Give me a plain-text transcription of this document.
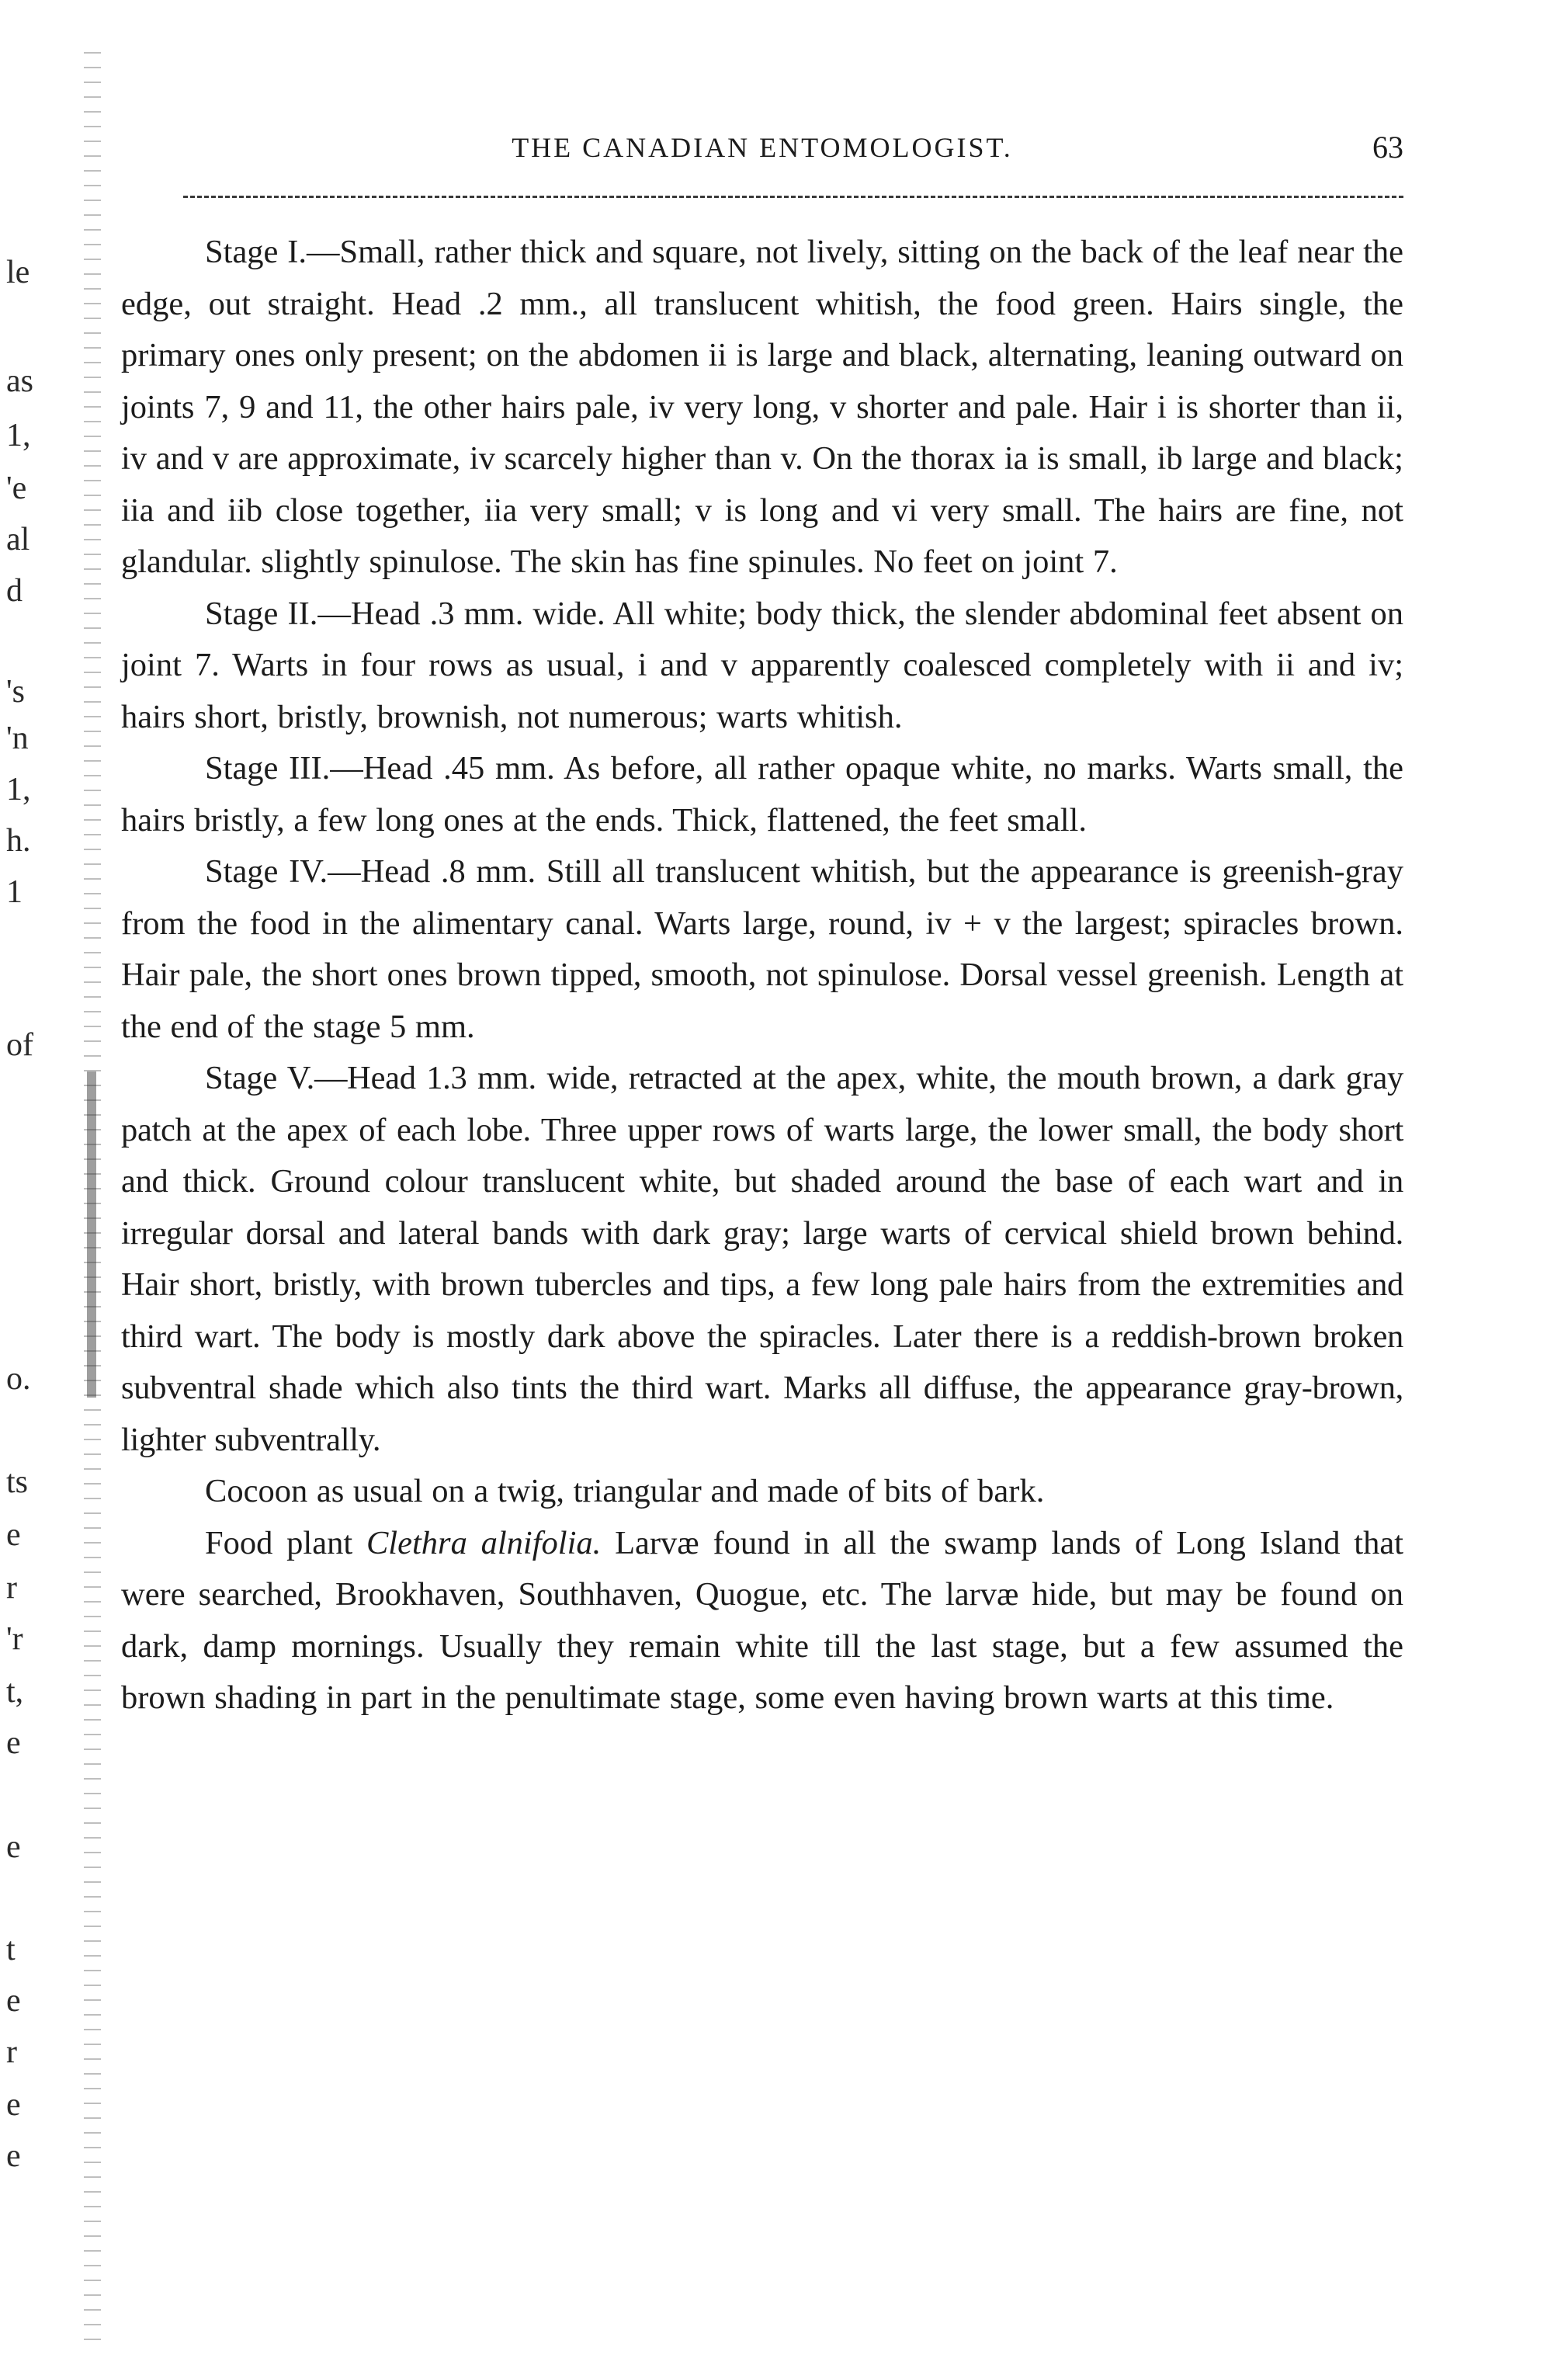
le
as
1,
'e
al
d
's
'n
1,
h.
1
of
o.
ts
e
r
'r
t,
e
e
t
e
r
e
e
THE CANADIAN ENTOMOLOGIST.	63

Stage I.—Small, rather thick and square, not lively, sitting on the back of the leaf near the edge, out straight. Head .2 mm., all translucent whitish, the food green. Hairs single, the primary ones only present; on the abdomen ii is large and black, alternating, leaning outward on joints 7, 9 and 11, the other hairs pale, iv very long, v shorter and pale. Hair i is shorter than ii, iv and v are approximate, iv scarcely higher than v. On the thorax ia is small, ib large and black; iia and iib close together, iia very small; v is long and vi very small. The hairs are fine, not glandular. slightly spinulose. The skin has fine spinules. No feet on joint 7.

Stage II.—Head .3 mm. wide. All white; body thick, the slender abdominal feet absent on joint 7. Warts in four rows as usual, i and v apparently coalesced completely with ii and iv; hairs short, bristly, brownish, not numerous; warts whitish.

Stage III.—Head .45 mm. As before, all rather opaque white, no marks. Warts small, the hairs bristly, a few long ones at the ends. Thick, flattened, the feet small.

Stage IV.—Head .8 mm. Still all translucent whitish, but the appearance is greenish-gray from the food in the alimentary canal. Warts large, round, iv + v the largest; spiracles brown. Hair pale, the short ones brown tipped, smooth, not spinulose. Dorsal vessel greenish. Length at the end of the stage 5 mm.

Stage V.—Head 1.3 mm. wide, retracted at the apex, white, the mouth brown, a dark gray patch at the apex of each lobe. Three upper rows of warts large, the lower small, the body short and thick. Ground colour translucent white, but shaded around the base of each wart and in irregular dorsal and lateral bands with dark gray; large warts of cervical shield brown behind. Hair short, bristly, with brown tubercles and tips, a few long pale hairs from the extremities and third wart. The body is mostly dark above the spiracles. Later there is a reddish-brown broken subventral shade which also tints the third wart. Marks all diffuse, the appearance gray-brown, lighter subventrally.

Cocoon as usual on a twig, triangular and made of bits of bark.

Food plant Clethra alnifolia. Larvæ found in all the swamp lands of Long Island that were searched, Brookhaven, Southhaven, Quogue, etc. The larvæ hide, but may be found on dark, damp mornings. Usually they remain white till the last stage, but a few assumed the brown shading in part in the penultimate stage, some even having brown warts at this time.
